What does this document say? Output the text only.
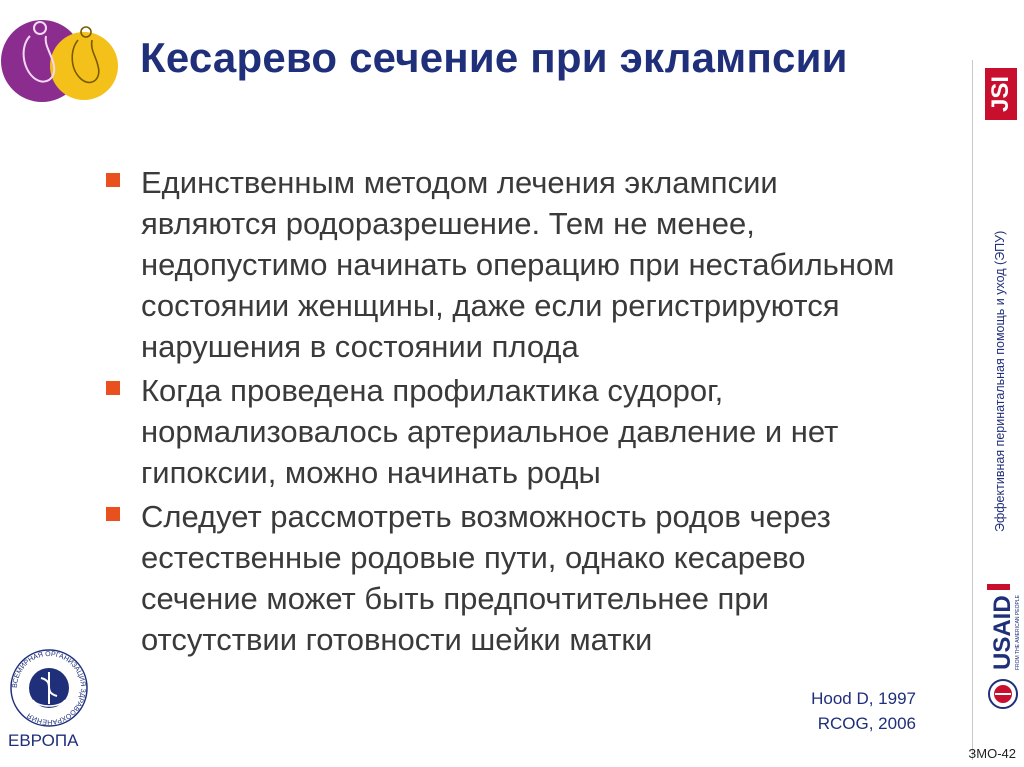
Кесарево сечение при эклампсии
JSI
Эффективная перинатальная помощь и уход (ЭПУ)
USAID FROM THE AMERICAN PEOPLE
Единственным методом лечения эклампсии являются родоразрешение. Тем не менее, недопустимо начинать операцию при нестабильном состоянии женщины, даже если регистрируются нарушения в состоянии плода
Когда проведена профилактика судорог, нормализовалось артериальное давление и нет гипоксии, можно начинать роды
Следует рассмотреть возможность родов через естественные родовые пути, однако кесарево сечение может быть предпочтительнее при отсутствии готовности шейки матки
Hood D, 1997
RCOG, 2006
ВСЕМИРНАЯ ОРГАНИЗАЦИЯ ЗДРАВООХРАНЕНИЯ
ЕВРОПА
ЗМО-42
